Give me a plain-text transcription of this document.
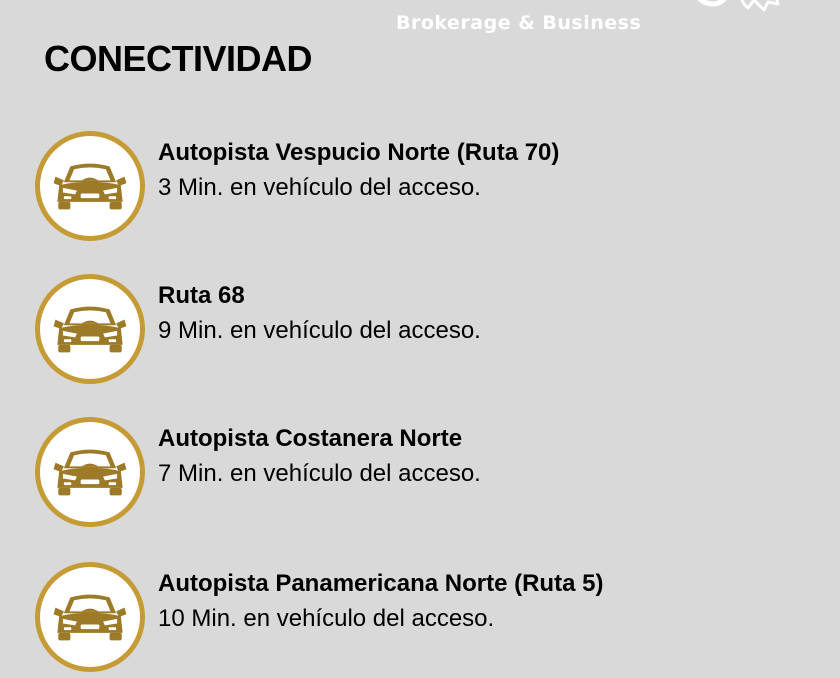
Brokerage & Business
CONECTIVIDAD

Autopista Vespucio Norte (Ruta 70)

3 Min. en vehículo del acceso.

Ruta 68

9 Min. en vehículo del acceso.

Autopista Costanera Norte

7 Min. en vehículo del acceso.

Autopista Panamericana Norte (Ruta 5)

10 Min. en vehículo del acceso.
